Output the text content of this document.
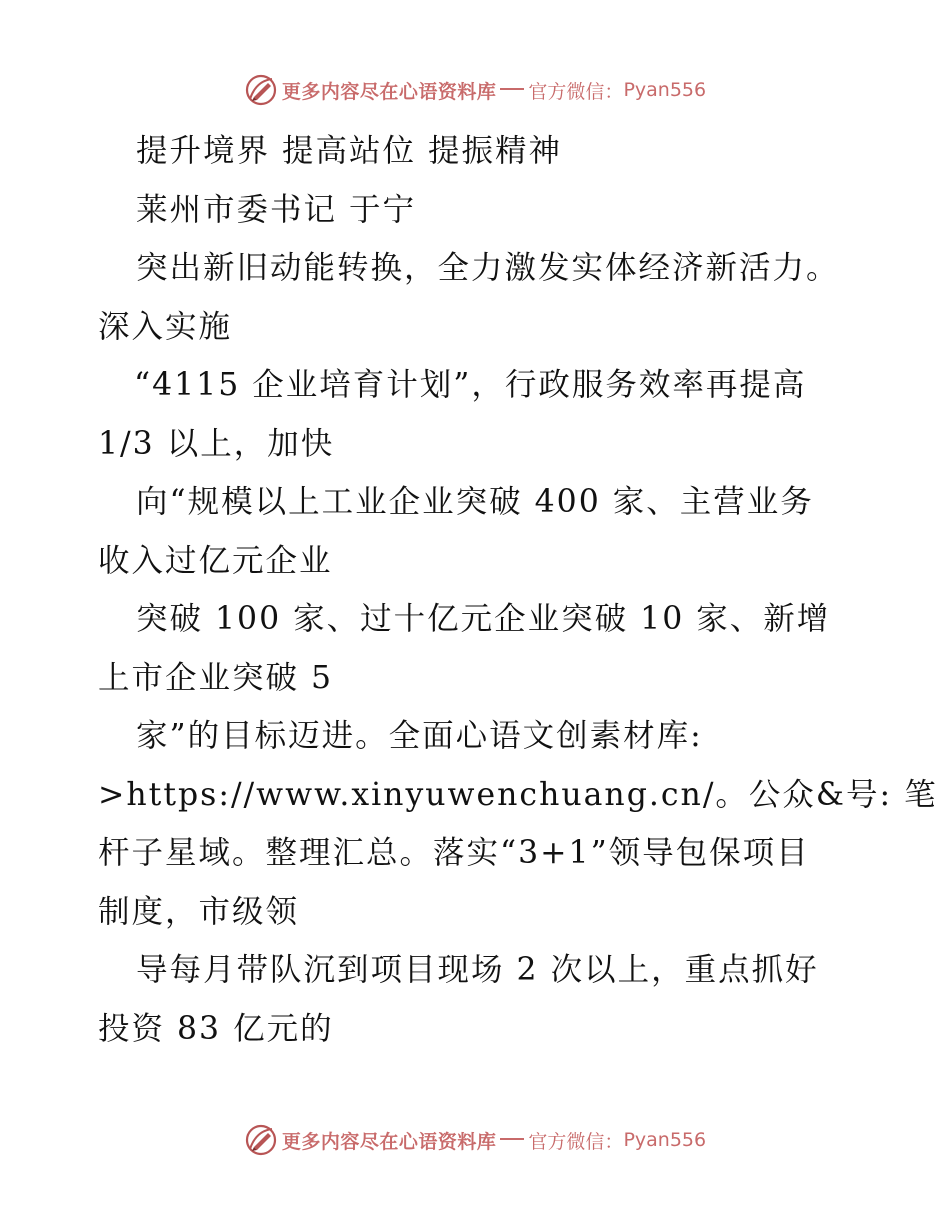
更多内容尽在心语资料库 官方微信： Pyan556
提升境界 提高站位 提振精神
莱州市委书记 于宁
突出新旧动能转换，全力激发实体经济新活力。
深入实施
“4115 企业培育计划”，行政服务效率再提高
1/3 以上，加快
向“规模以上工业企业突破 400 家、主营业务
收入过亿元企业
突破 100 家、过十亿元企业突破 10 家、新增
上市企业突破 5
家”的目标迈进。全面心语文创素材库:
>https://www.xinyuwenchuang.cn/。公众&号: 笔
杆子星域。整理汇总。落实“3+1”领导包保项目
制度，市级领
导每月带队沉到项目现场 2 次以上，重点抓好
投资 83 亿元的
更多内容尽在心语资料库 官方微信： Pyan556
